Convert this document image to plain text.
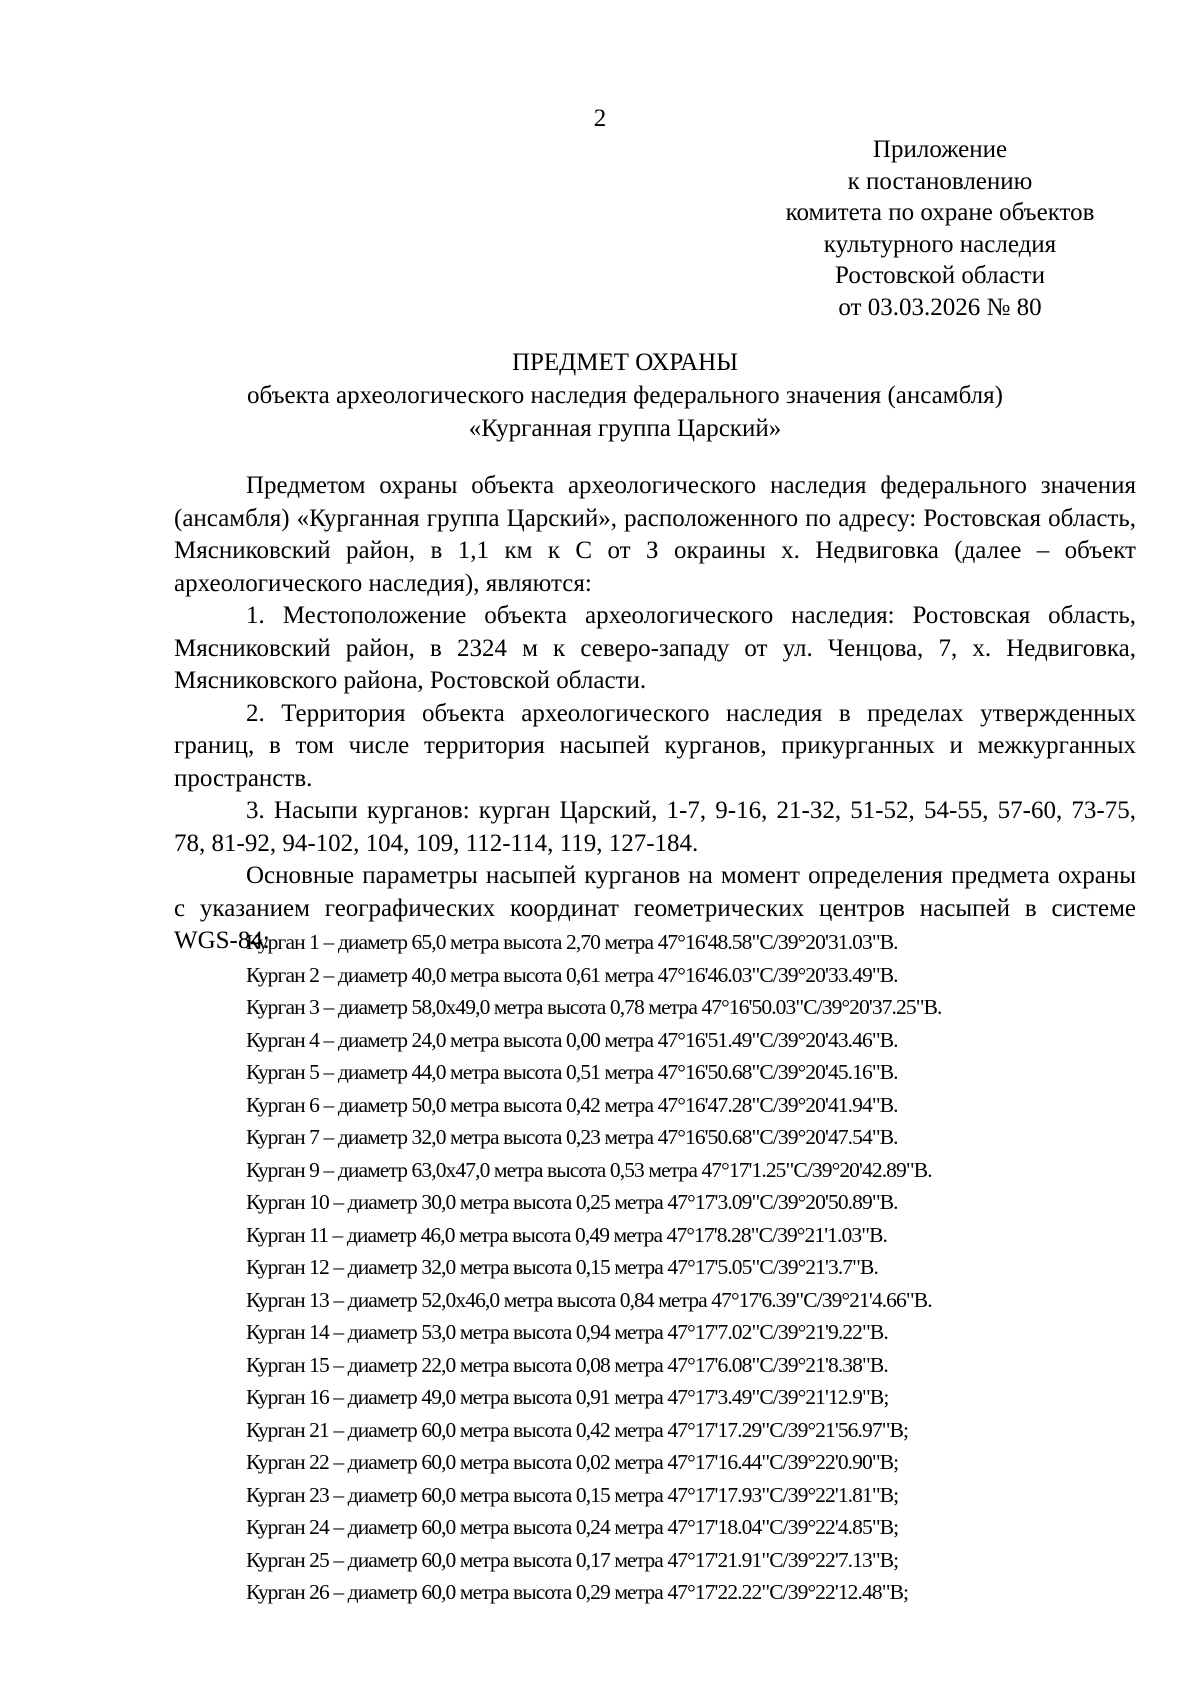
2
Приложение
к постановлению
комитета по охране объектов
культурного наследия
Ростовской области
от 03.03.2026 № 80
ПРЕДМЕТ ОХРАНЫ
объекта археологического наследия федерального значения (ансамбля)
«Курганная группа Царский»

Предметом охраны объекта археологического наследия федерального значения (ансамбля) «Курганная группа Царский», расположенного по адресу: Ростовская область, Мясниковский район, в 1,1 км к С от З окраины х. Недвиговка (далее – объект археологического наследия), являются:

1. Местоположение объекта археологического наследия: Ростовская область, Мясниковский район, в 2324 м к северо-западу от ул. Ченцова, 7, х. Недвиговка, Мясниковского района, Ростовской области.

2. Территория объекта археологического наследия в пределах утвержденных границ, в том числе территория насыпей курганов, прикурганных и межкурганных пространств.

3. Насыпи курганов: курган Царский, 1-7, 9-16, 21-32, 51-52, 54-55, 57-60, 73-75, 78, 81-92, 94-102, 104, 109, 112-114, 119, 127-184.

Основные параметры насыпей курганов на момент определения предмета охраны с указанием географических координат геометрических центров насыпей в системе WGS-84:

Курган 1 – диаметр 65,0 метра высота 2,70 метра 47°16'48.58"С/39°20'31.03"В.
Курган 2 – диаметр 40,0 метра высота 0,61 метра 47°16'46.03"С/39°20'33.49"В.
Курган 3 – диаметр 58,0х49,0 метра высота 0,78 метра 47°16'50.03"С/39°20'37.25"В.
Курган 4 – диаметр 24,0 метра высота 0,00 метра 47°16'51.49"С/39°20'43.46"В.
Курган 5 – диаметр 44,0 метра высота 0,51 метра 47°16'50.68"С/39°20'45.16"В.
Курган 6 – диаметр 50,0 метра высота 0,42 метра 47°16'47.28"С/39°20'41.94"В.
Курган 7 – диаметр 32,0 метра высота 0,23 метра 47°16'50.68"С/39°20'47.54"В.
Курган 9 – диаметр 63,0х47,0 метра высота 0,53 метра 47°17'1.25"С/39°20'42.89"В.
Курган 10 – диаметр 30,0 метра высота 0,25 метра 47°17'3.09"С/39°20'50.89"В.
Курган 11 – диаметр 46,0 метра высота 0,49 метра 47°17'8.28"С/39°21'1.03"В.
Курган 12 – диаметр 32,0 метра высота 0,15 метра 47°17'5.05"С/39°21'3.7"В.
Курган 13 – диаметр 52,0х46,0 метра высота 0,84 метра 47°17'6.39"С/39°21'4.66"В.
Курган 14 – диаметр 53,0 метра высота 0,94 метра 47°17'7.02"С/39°21'9.22"В.
Курган 15 – диаметр 22,0 метра высота 0,08 метра 47°17'6.08"С/39°21'8.38"В.
Курган 16 – диаметр 49,0 метра высота 0,91 метра 47°17'3.49"С/39°21'12.9"В;
Курган 21 – диаметр 60,0 метра высота 0,42 метра 47°17'17.29"С/39°21'56.97"В;
Курган 22 – диаметр 60,0 метра высота 0,02 метра 47°17'16.44"С/39°22'0.90"В;
Курган 23 – диаметр 60,0 метра высота 0,15 метра 47°17'17.93"С/39°22'1.81"В;
Курган 24 – диаметр 60,0 метра высота 0,24 метра 47°17'18.04"С/39°22'4.85"В;
Курган 25 – диаметр 60,0 метра высота 0,17 метра 47°17'21.91"С/39°22'7.13"В;
Курган 26 – диаметр 60,0 метра высота 0,29 метра 47°17'22.22"С/39°22'12.48"В;
